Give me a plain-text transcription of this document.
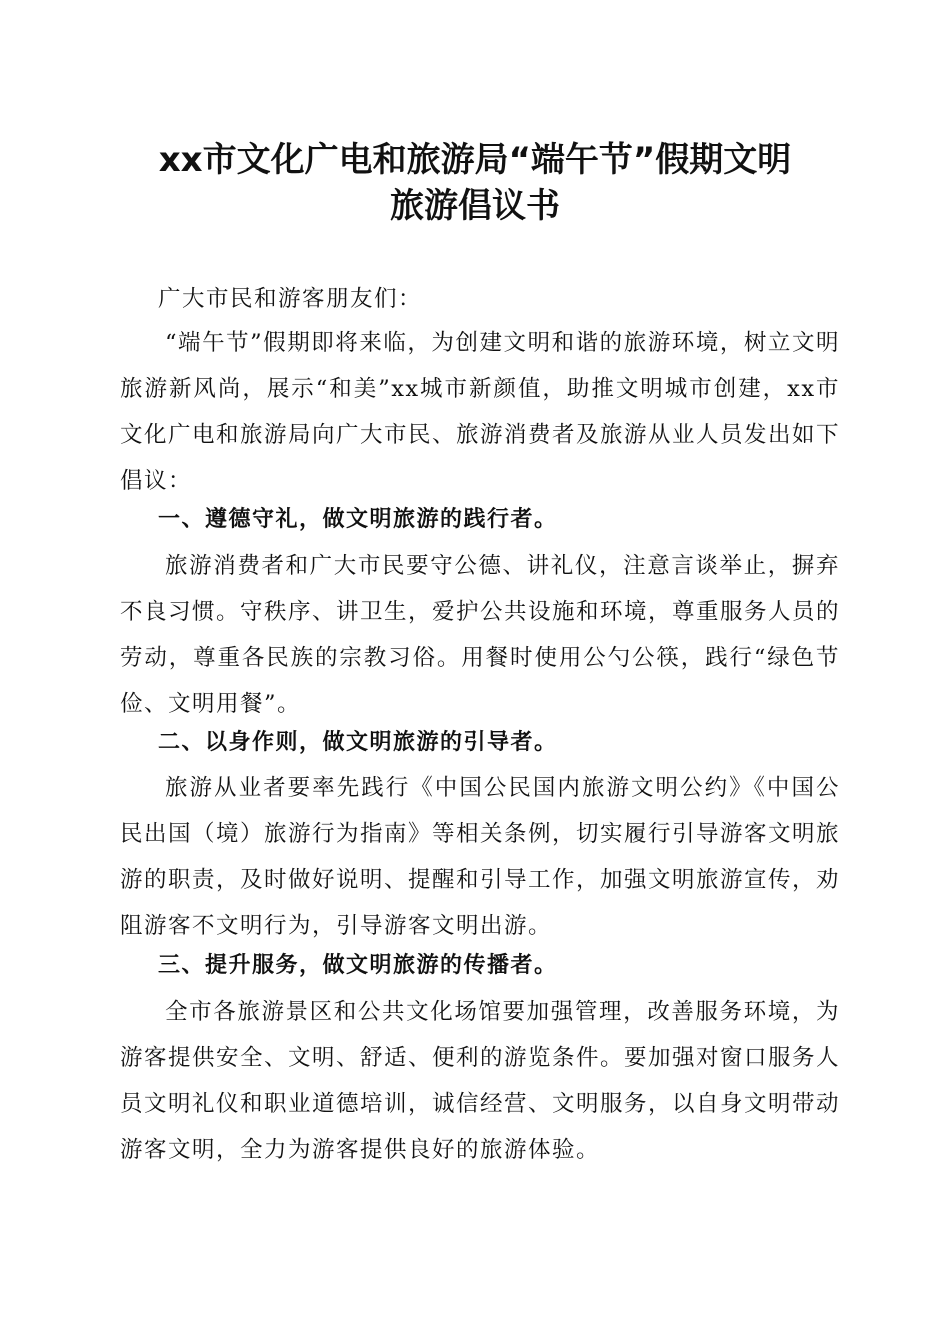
xx市文化广电和旅游局“端午节”假期文明
旅游倡议书

广大市民和游客朋友们：

“端午节”假期即将来临，为创建文明和谐的旅游环境，树立文明旅游新风尚，展示“和美”xx城市新颜值，助推文明城市创建，xx市文化广电和旅游局向广大市民、旅游消费者及旅游从业人员发出如下倡议：

一、遵德守礼，做文明旅游的践行者。

旅游消费者和广大市民要守公德、讲礼仪，注意言谈举止，摒弃不良习惯。守秩序、讲卫生，爱护公共设施和环境，尊重服务人员的劳动，尊重各民族的宗教习俗。用餐时使用公勺公筷，践行“绿色节俭、文明用餐”。

二、以身作则，做文明旅游的引导者。

旅游从业者要率先践行《中国公民国内旅游文明公约》《中国公民出国（境）旅游行为指南》等相关条例，切实履行引导游客文明旅游的职责，及时做好说明、提醒和引导工作，加强文明旅游宣传，劝阻游客不文明行为，引导游客文明出游。

三、提升服务，做文明旅游的传播者。

全市各旅游景区和公共文化场馆要加强管理，改善服务环境，为游客提供安全、文明、舒适、便利的游览条件。要加强对窗口服务人员文明礼仪和职业道德培训，诚信经营、文明服务，以自身文明带动游客文明，全力为游客提供良好的旅游体验。
